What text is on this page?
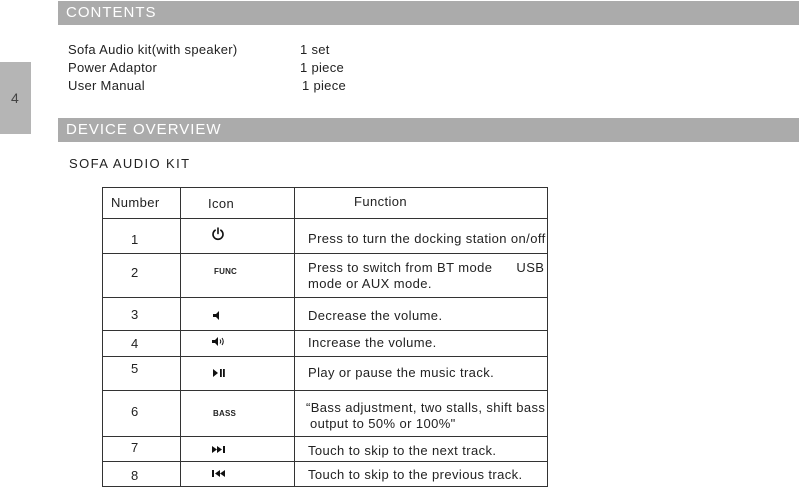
4
CONTENTS
Sofa Audio kit(with speaker)	1 set
Power Adaptor	1 piece
User Manual	1 piece
DEVICE OVERVIEW
SOFA AUDIO KIT
Number	Icon	Function
1		Press to turn the docking station on/off
2	FUNC	Press to switch from BT mode      USB
mode or AUX mode.

3		Decrease the volume.
4		Increase the volume.
5		Play or pause the music track.
6	BASS	“Bass adjustment, two stalls, shift bass
output to 50% or 100%"

7		Touch to skip to the next track.
8		Touch to skip to the previous track.
